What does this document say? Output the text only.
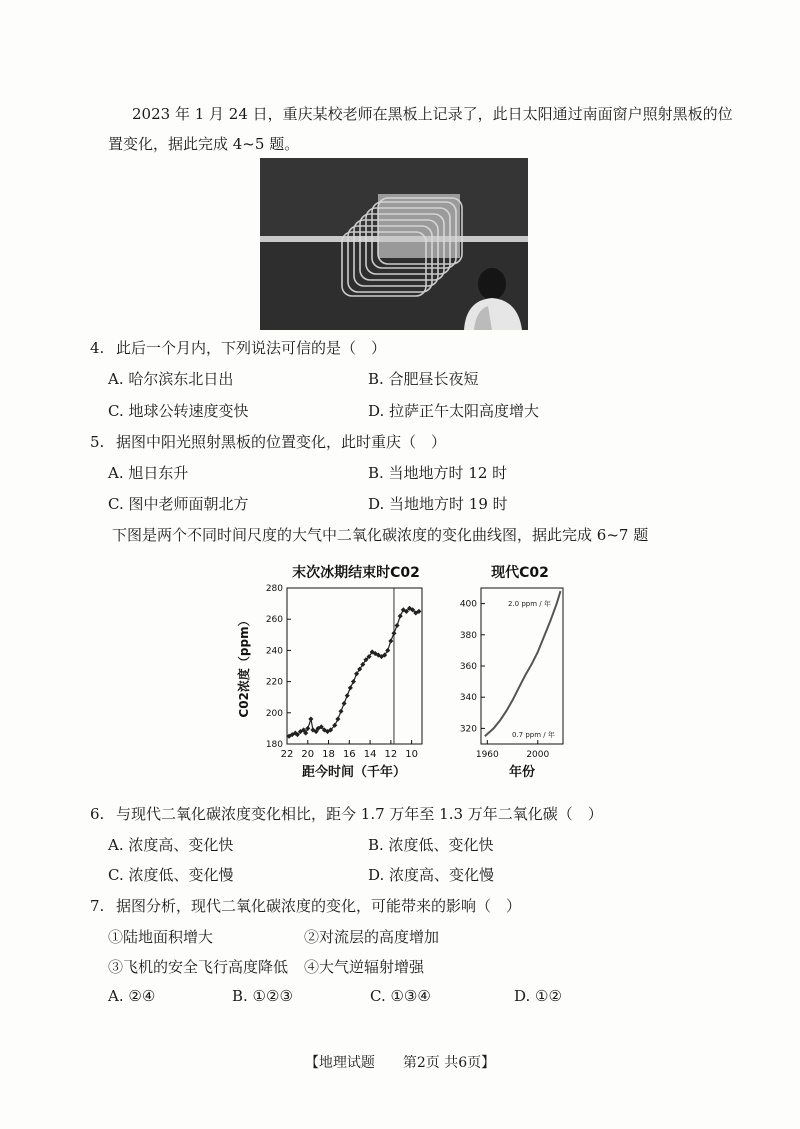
2023 年 1 月 24 日，重庆某校老师在黑板上记录了，此日太阳通过南面窗户照射黑板的位
置变化，据此完成 4~5 题。
4. 此后一个月内，下列说法可信的是（　）
A. 哈尔滨东北日出	B. 合肥昼长夜短
C. 地球公转速度变快	D. 拉萨正午太阳高度增大
5. 据图中阳光照射黑板的位置变化，此时重庆（　）
A. 旭日东升	B. 当地地方时 12 时
C. 图中老师面朝北方	D. 当地地方时 19 时
下图是两个不同时间尺度的大气中二氧化碳浓度的变化曲线图，据此完成 6~7 题
末次冰期结束时C02
180
200
220
240
260
280
22 20 18 16 14 12 10
C02浓度（ppm）
距今时间（千年）
现代C02
320
340
360
380
400
1960	2000
2.0 ppm / 年
0.7 ppm / 年
年份
6. 与现代二氧化碳浓度变化相比，距今 1.7 万年至 1.3 万年二氧化碳（　）
A. 浓度高、变化快	B. 浓度低、变化快
C. 浓度低、变化慢	D. 浓度高、变化慢
7. 据图分析，现代二氧化碳浓度的变化，可能带来的影响（　）
①陆地面积增大	②对流层的高度增加
③飞机的安全飞行高度降低 ④大气逆辐射增强
A. ②④	B. ①②③	C. ①③④	D. ①②
【地理试题　　第2页 共6页】
